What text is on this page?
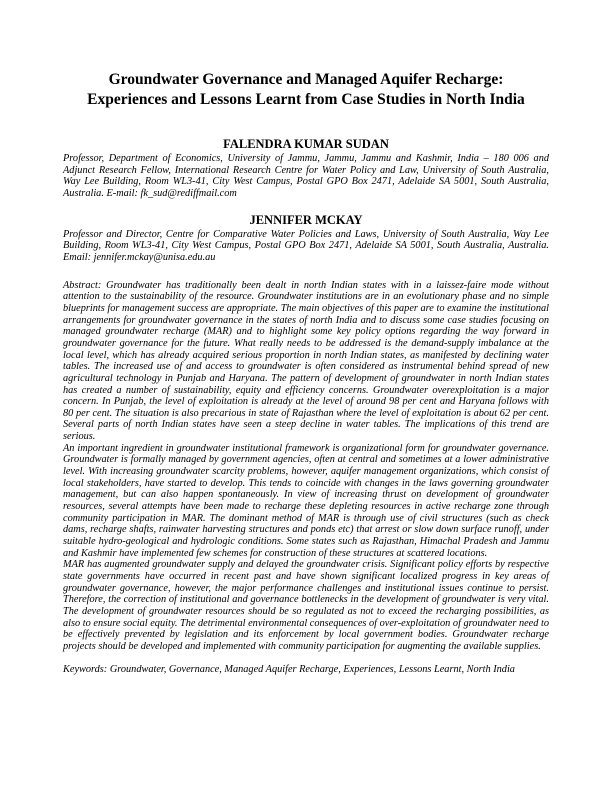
Groundwater Governance and Managed Aquifer Recharge:
Experiences and Lessons Learnt from Case Studies in North India
FALENDRA KUMAR SUDAN

Professor, Department of Economics, University of Jammu, Jammu, Jammu and Kashmir, India – 180 006 and Adjunct Research Fellow, International Research Centre for Water Policy and Law, University of South Australia, Way Lee Building, Room WL3-41, City West Campus, Postal GPO Box 2471, Adelaide SA 5001, South Australia, Australia. E-mail: fk_sud@rediffmail.com

JENNIFER MCKAY

Professor and Director, Centre for Comparative Water Policies and Laws, University of South Australia, Way Lee Building, Room WL3-41, City West Campus, Postal GPO Box 2471, Adelaide SA 5001, South Australia, Australia. Email: jennifer.mckay@unisa.edu.au

Abstract: Groundwater has traditionally been dealt in north Indian states with in a laissez-faire mode without attention to the sustainability of the resource. Groundwater institutions are in an evolutionary phase and no simple blueprints for management success are appropriate. The main objectives of this paper are to examine the institutional arrangements for groundwater governance in the states of north India and to discuss some case studies focusing on managed groundwater recharge (MAR) and to highlight some key policy options regarding the way forward in groundwater governance for the future. What really needs to be addressed is the demand-supply imbalance at the local level, which has already acquired serious proportion in north Indian states, as manifested by declining water tables. The increased use of and access to groundwater is often considered as instrumental behind spread of new agricultural technology in Punjab and Haryana. The pattern of development of groundwater in north Indian states has created a number of sustainability, equity and efficiency concerns. Groundwater overexploitation is a major concern. In Punjab, the level of exploitation is already at the level of around 98 per cent and Haryana follows with 80 per cent. The situation is also precarious in state of Rajasthan where the level of exploitation is about 62 per cent. Several parts of north Indian states have seen a steep decline in water tables. The implications of this trend are serious.

An important ingredient in groundwater institutional framework is organizational form for groundwater governance. Groundwater is formally managed by government agencies, often at central and sometimes at a lower administrative level. With increasing groundwater scarcity problems, however, aquifer management organizations, which consist of local stakeholders, have started to develop. This tends to coincide with changes in the laws governing groundwater management, but can also happen spontaneously. In view of increasing thrust on development of groundwater resources, several attempts have been made to recharge these depleting resources in active recharge zone through community participation in MAR. The dominant method of MAR is through use of civil structures (such as check dams, recharge shafts, rainwater harvesting structures and ponds etc) that arrest or slow down surface runoff, under suitable hydro-geological and hydrologic conditions. Some states such as Rajasthan, Himachal Pradesh and Jammu and Kashmir have implemented few schemes for construction of these structures at scattered locations.

MAR has augmented groundwater supply and delayed the groundwater crisis. Significant policy efforts by respective state governments have occurred in recent past and have shown significant localized progress in key areas of groundwater governance, however, the major performance challenges and institutional issues continue to persist. Therefore, the correction of institutional and governance bottlenecks in the development of groundwater is very vital. The development of groundwater resources should be so regulated as not to exceed the recharging possibilities, as also to ensure social equity. The detrimental environmental consequences of over-exploitation of groundwater need to be effectively prevented by legislation and its enforcement by local government bodies. Groundwater recharge projects should be developed and implemented with community participation for augmenting the available supplies.

Keywords: Groundwater, Governance, Managed Aquifer Recharge, Experiences, Lessons Learnt, North India
